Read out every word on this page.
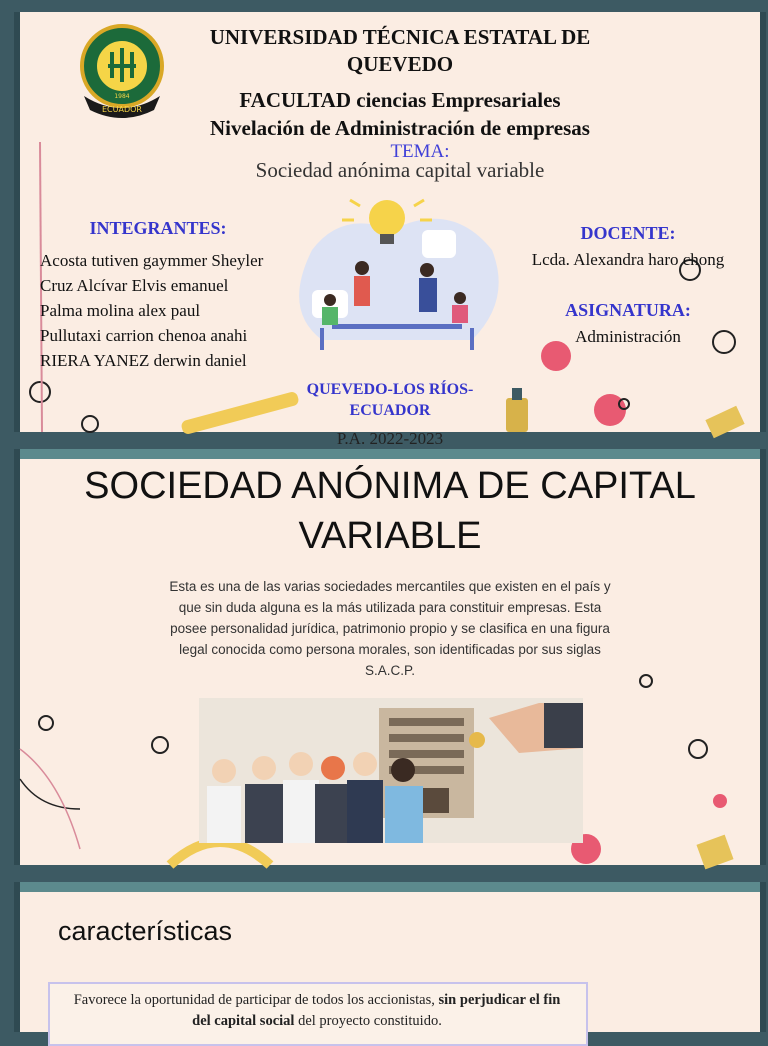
ECUADOR
1984
UNIVERSIDAD TÉCNICA ESTATAL DE QUEVEDO
FACULTAD ciencias Empresariales
TEMA:
Nivelación de Administración de empresas
Sociedad anónima capital variable
INTEGRANTES:
Acosta tutiven gaymmer Sheyler
Cruz Alcívar Elvis emanuel
Palma molina alex paul
Pullutaxi carrion chenoa anahi
RIERA YANEZ derwin daniel
QUEVEDO-LOS RÍOS-ECUADOR
P.A. 2022-2023
DOCENTE:
Lcda. Alexandra haro chong
ASIGNATURA:
Administración
SOCIEDAD ANÓNIMA DE CAPITAL VARIABLE
Esta es una de las varias sociedades mercantiles que existen en el país y que sin duda alguna es la más utilizada para constituir empresas. Esta posee personalidad jurídica, patrimonio propio y se clasifica en una figura legal conocida como persona morales, son identificadas por sus siglas S.A.C.P.
características
Favorece la oportunidad de participar de todos los accionistas, sin perjudicar el fin del capital social del proyecto constituido.
